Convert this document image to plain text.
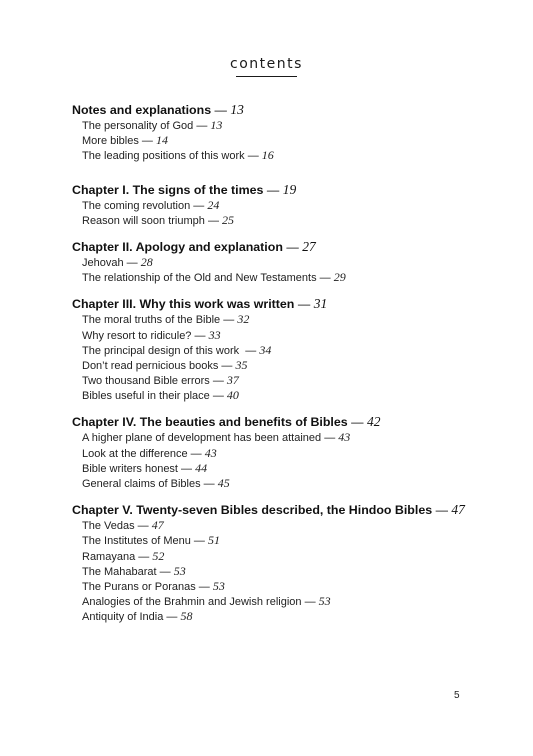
contents
Notes and explanations — 13
The personality of God — 13
More bibles — 14
The leading positions of this work — 16
Chapter I. The signs of the times — 19
The coming revolution — 24
Reason will soon triumph — 25
Chapter II. Apology and explanation — 27
Jehovah — 28
The relationship of the Old and New Testaments — 29
Chapter III. Why this work was written — 31
The moral truths of the Bible — 32
Why resort to ridicule? — 33
The principal design of this work  — 34
Don’t read pernicious books — 35
Two thousand Bible errors — 37
Bibles useful in their place — 40
Chapter IV. The beauties and benefits of Bibles — 42
A higher plane of development has been attained — 43
Look at the difference — 43
Bible writers honest — 44
General claims of Bibles — 45
Chapter V. Twenty-seven Bibles described, the Hindoo Bibles — 47
The Vedas — 47
The Institutes of Menu — 51
Ramayana — 52
The Mahabarat — 53
The Purans or Poranas — 53
Analogies of the Brahmin and Jewish religion — 53
Antiquity of India — 58
5
